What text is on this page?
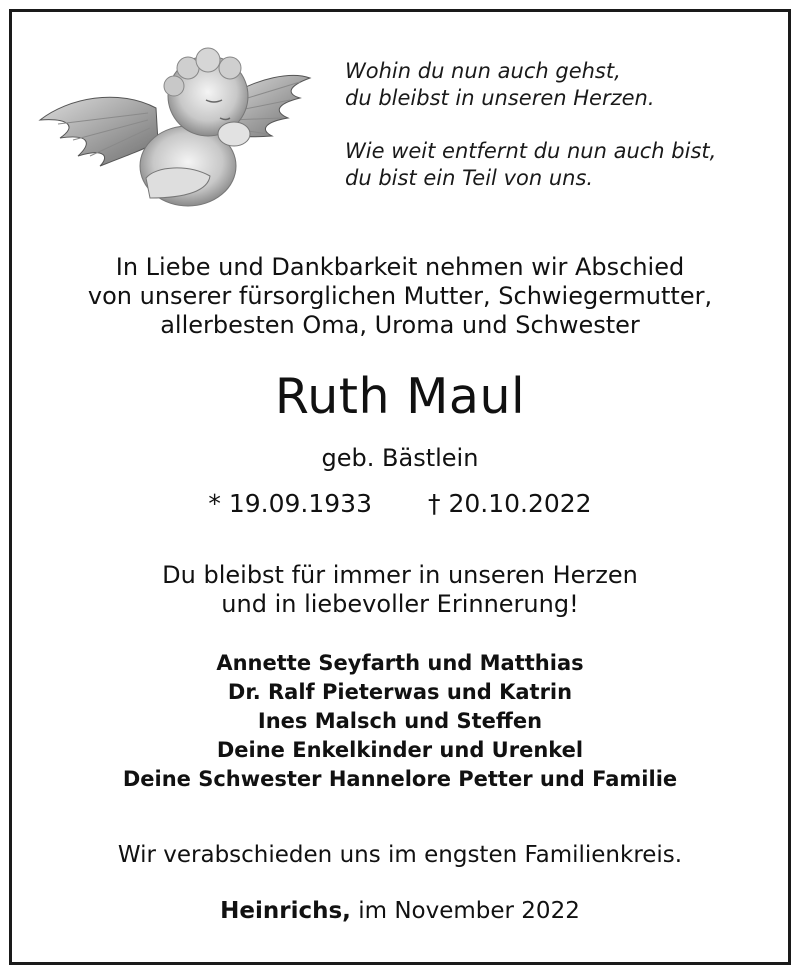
Wohin du nun auch gehst,
du bleibst in unseren Herzen.

Wie weit entfernt du nun auch bist,
du bist ein Teil von uns.

In Liebe und Dankbarkeit nehmen wir Abschied
von unserer fürsorglichen Mutter, Schwiegermutter,
allerbesten Oma, Uroma und Schwester
Ruth Maul
geb. Bästlein
* 19.09.1933 † 20.10.2022
Du bleibst für immer in unseren Herzen
und in liebevoller Erinnerung!
Annette Seyfarth und Matthias
Dr. Ralf Pieterwas und Katrin
Ines Malsch und Steffen
Deine Enkelkinder und Urenkel
Deine Schwester Hannelore Petter und Familie
Wir verabschieden uns im engsten Familienkreis.
Heinrichs, im November 2022
